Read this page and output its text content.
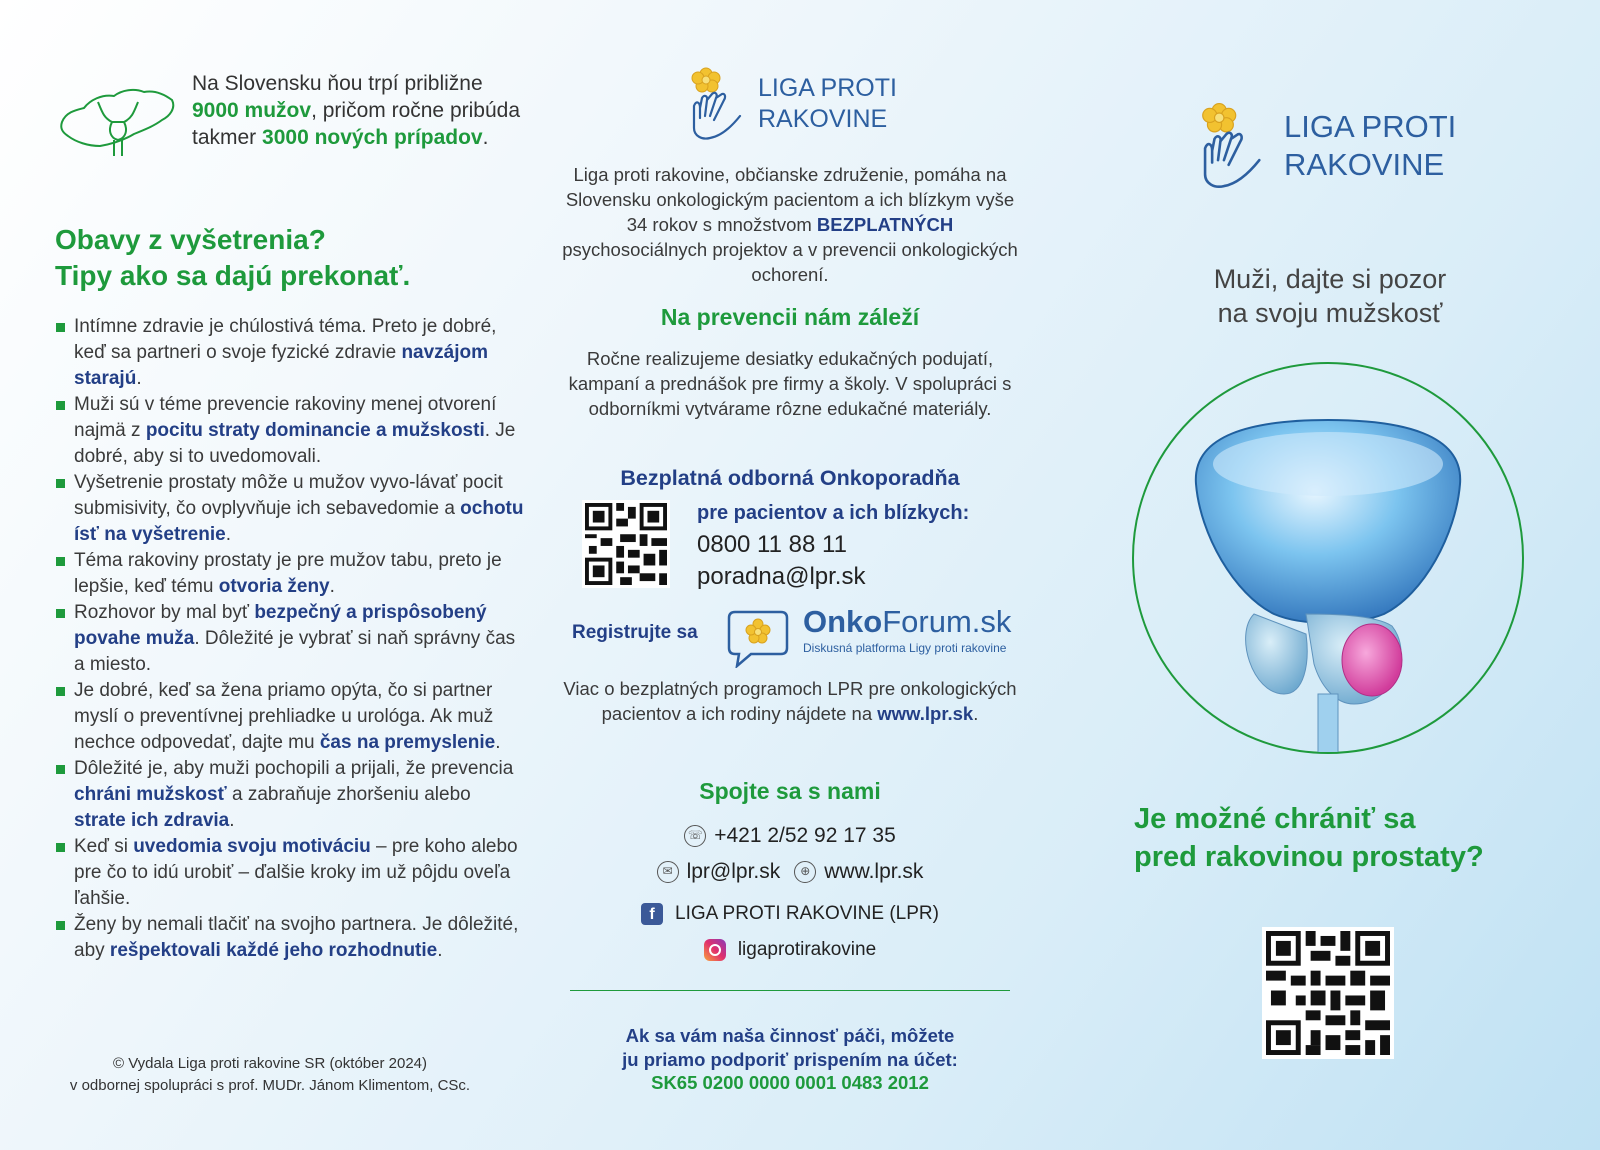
Na Slovensku ňou trpí približne 9000 mužov, pričom ročne pribúda takmer 3000 nových prípadov.
Obavy z vyšetrenia?
Tipy ako sa dajú prekonať.
Intímne zdravie je chúlostivá téma. Preto je dobré, keď sa partneri o svoje fyzické zdravie navzájom starajú.
Muži sú v téme prevencie rakoviny menej otvorení najmä z pocitu straty dominancie a mužskosti. Je dobré, aby si to uvedomovali.
Vyšetrenie prostaty môže u mužov vyvo-lávať pocit submisivity, čo ovplyvňuje ich sebavedomie a ochotu ísť na vyšetrenie.
Téma rakoviny prostaty je pre mužov tabu, preto je lepšie, keď tému otvoria ženy.
Rozhovor by mal byť bezpečný a prispôsobený povahe muža. Dôležité je vybrať si naň správny čas a miesto.
Je dobré, keď sa žena priamo opýta, čo si partner myslí o preventívnej prehliadke u urológa. Ak muž nechce odpovedať, dajte mu čas na premyslenie.
Dôležité je, aby muži pochopili a prijali, že prevencia chráni mužskosť a zabraňuje zhoršeniu alebo strate ich zdravia.
Keď si uvedomia svoju motiváciu – pre koho alebo pre čo to idú urobiť – ďalšie kroky im už pôjdu oveľa ľahšie.
Ženy by nemali tlačiť na svojho partnera. Je dôležité, aby rešpektovali každé jeho rozhodnutie.
© Vydala Liga proti rakovine SR (október 2024)
v odbornej spolupráci s prof. MUDr. Jánom Klimentom, CSc.
LIGA PROTI
RAKOVINE
Liga proti rakovine, občianske združenie, pomáha na Slovensku onkologickým pacientom a ich blízkym vyše 34 rokov s množstvom BEZPLATNÝCH psychosociálnych projektov a v prevencii onkologických ochorení.
Na prevencii nám záleží
Ročne realizujeme desiatky edukačných podujatí, kampaní a prednášok pre firmy a školy. V spolupráci s odborníkmi vytvárame rôzne edukačné materiály.
Bezplatná odborná Onkoporadňa
pre pacientov a ich blízkych:
0800 11 88 11
poradna@lpr.sk
Registrujte sa	OnkoForum.sk
Diskusná platforma Ligy proti rakovine
Viac o bezplatných programoch LPR pre onkologických pacientov a ich rodiny nájdete na www.lpr.sk.
Spojte sa s nami
☏ +421 2/52 92 17 35
✉ lpr@lpr.sk	⊕ www.lpr.sk
f	LIGA PROTI RAKOVINE (LPR)
ligaprotirakovine
Ak sa vám naša činnosť páči, môžete
ju priamo podporiť prispením na účet:
SK65 0200 0000 0001 0483 2012
LIGA PROTI
RAKOVINE
Muži, dajte si pozor
na svoju mužskosť
Je možné chrániť sa
pred rakovinou prostaty?
